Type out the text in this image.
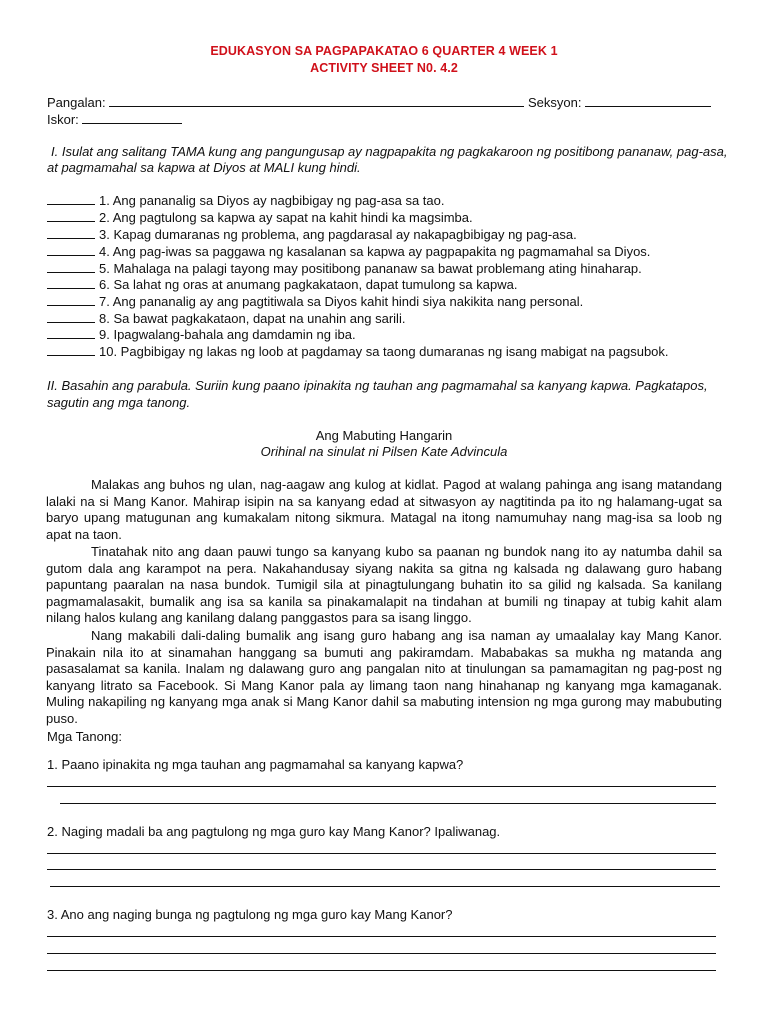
EDUKASYON SA PAGPAPAKATAO 6 QUARTER 4 WEEK 1
ACTIVITY SHEET N0. 4.2
Pangalan:	Seksyon:
Iskor:
I. Isulat ang salitang TAMA kung ang pangungusap ay nagpapakita ng pagkakaroon ng positibong pananaw, pag-asa,
at pagmamahal sa kapwa at Diyos at MALI kung hindi.
1. Ang pananalig sa Diyos ay nagbibigay ng pag-asa sa tao.
2. Ang pagtulong sa kapwa ay sapat na kahit hindi ka magsimba.
3. Kapag dumaranas ng problema, ang pagdarasal ay nakapagbibigay ng pag-asa.
4. Ang pag-iwas sa paggawa ng kasalanan sa kapwa ay pagpapakita ng pagmamahal sa Diyos.
5. Mahalaga na palagi tayong may positibong pananaw sa bawat problemang ating hinaharap.
6. Sa lahat ng oras at anumang pagkakataon, dapat tumulong sa kapwa.
7. Ang pananalig ay ang pagtitiwala sa Diyos kahit hindi siya nakikita nang personal.
8. Sa bawat pagkakataon, dapat na unahin ang sarili.
9. Ipagwalang-bahala ang damdamin ng iba.
10. Pagbibigay ng lakas ng loob at pagdamay sa taong dumaranas ng isang mabigat na pagsubok.
II. Basahin ang parabula. Suriin kung paano ipinakita ng tauhan ang pagmamahal sa kanyang kapwa. Pagkatapos,
sagutin ang mga tanong.
Ang Mabuting Hangarin
Orihinal na sinulat ni Pilsen Kate Advincula

Malakas ang buhos ng ulan, nag-aagaw ang kulog at kidlat. Pagod at walang pahinga ang isang matandang lalaki na si Mang Kanor. Mahirap isipin na sa kanyang edad at sitwasyon ay nagtitinda pa ito ng halamang-ugat sa baryo upang matugunan ang kumakalam nitong sikmura. Matagal na itong namumuhay nang mag-isa sa loob ng apat na taon.

Tinatahak nito ang daan pauwi tungo sa kanyang kubo sa paanan ng bundok nang ito ay natumba dahil sa gutom dala ang karampot na pera. Nakahandusay siyang nakita sa gitna ng kalsada ng dalawang guro habang papuntang paaralan na nasa bundok. Tumigil sila at pinagtulungang buhatin ito sa gilid ng kalsada. Sa kanilang pagmamalasakit, bumalik ang isa sa kanila sa pinakamalapit na tindahan at bumili ng tinapay at tubig kahit alam nilang halos kulang ang kanilang dalang panggastos para sa isang linggo.

Nang makabili dali-daling bumalik ang isang guro habang ang isa naman ay umaalalay kay Mang Kanor. Pinakain nila ito at sinamahan hanggang sa bumuti ang pakiramdam. Mababakas sa mukha ng matanda ang pasasalamat sa kanila. Inalam ng dalawang guro ang pangalan nito at tinulungan sa pamamagitan ng pag-post ng kanyang litrato sa Facebook. Si Mang Kanor pala ay limang taon nang hinahanap ng kanyang mga kamaganak. Muling nakapiling ng kanyang mga anak si Mang Kanor dahil sa mabuting intension ng mga gurong may mabubuting puso.

Mga Tanong:
1. Paano ipinakita ng mga tauhan ang pagmamahal sa kanyang kapwa?
2. Naging madali ba ang pagtulong ng mga guro kay Mang Kanor? Ipaliwanag.
3. Ano ang naging bunga ng pagtulong ng mga guro kay Mang Kanor?
